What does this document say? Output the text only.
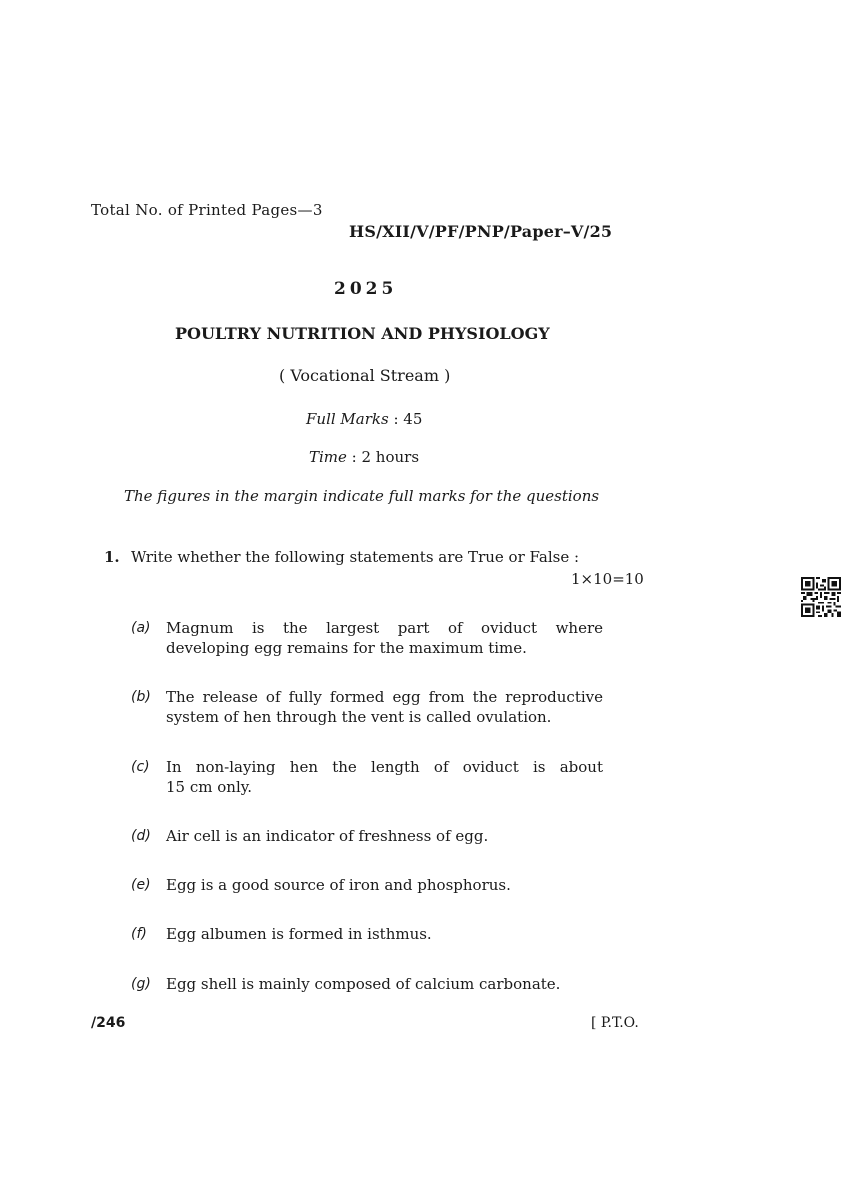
Total No. of Printed Pages—3
HS/XII/V/PF/PNP/Paper–V/25
2025
POULTRY NUTRITION AND PHYSIOLOGY
( Vocational Stream )
Full Marks : 45
Time : 2 hours
The figures in the margin indicate full marks for the questions
1. Write whether the following statements are True or False :
1×10=10
(a) Magnum is the largest part of oviduct where
developing egg remains for the maximum time.
(b) The release of fully formed egg from the reproductive
system of hen through the vent is called ovulation.
(c) In non-laying hen the length of oviduct is about
15 cm only.
(d) Air cell is an indicator of freshness of egg.
(e) Egg is a good source of iron and phosphorus.
(f) Egg albumen is formed in isthmus.
(g) Egg shell is mainly composed of calcium carbonate.
/246	[ P.T.O.
